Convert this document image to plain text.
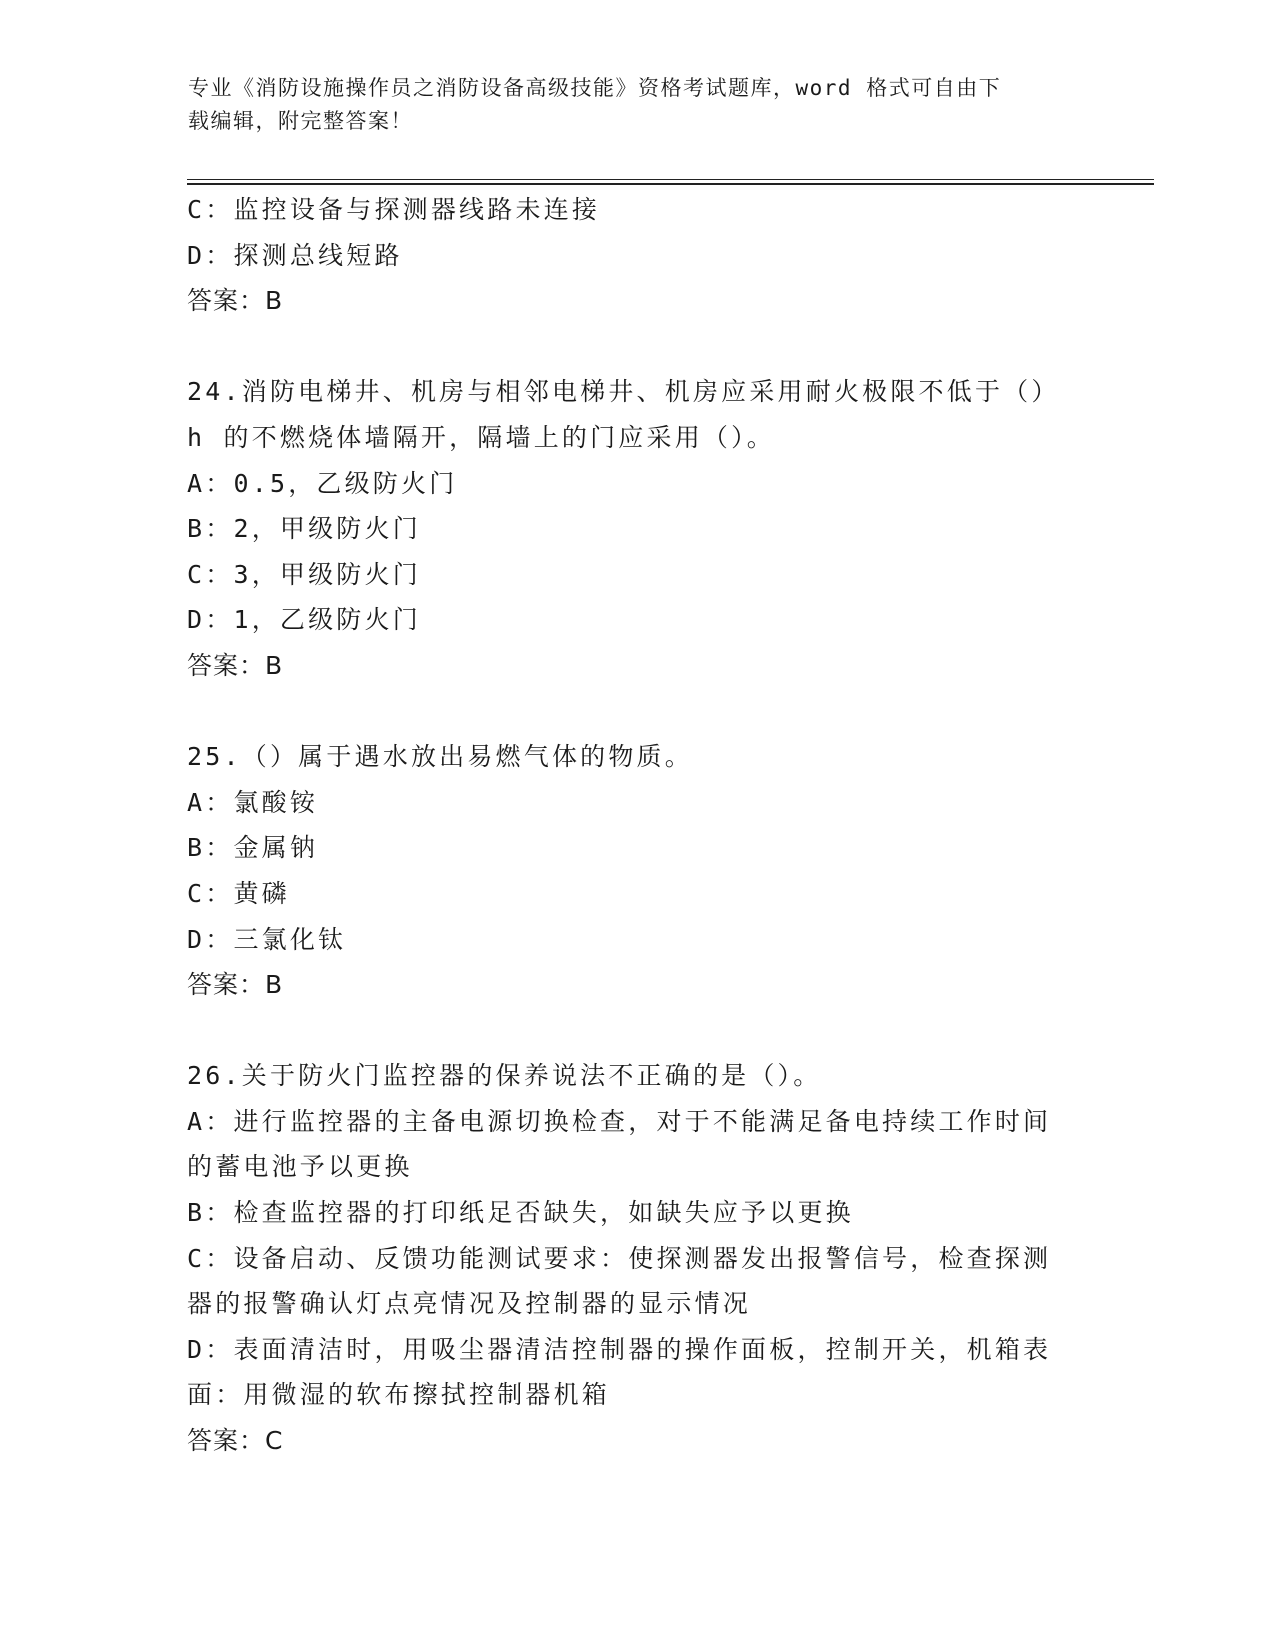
专业《消防设施操作员之消防设备高级技能》资格考试题库，word 格式可自由下
载编辑，附完整答案！
C：监控设备与探测器线路未连接
D：探测总线短路
答案：B
24.消防电梯井、机房与相邻电梯井、机房应采用耐火极限不低于（）
h 的不燃烧体墙隔开，隔墙上的门应采用（）。
A：0.5，乙级防火门
B：2，甲级防火门
C：3，甲级防火门
D：1，乙级防火门
答案：B
25.（）属于遇水放出易燃气体的物质。
A：氯酸铵
B：金属钠
C：黄磷
D：三氯化钛
答案：B
26.关于防火门监控器的保养说法不正确的是（）。
A：进行监控器的主备电源切换检查，对于不能满足备电持续工作时间
的蓄电池予以更换
B：检查监控器的打印纸足否缺失，如缺失应予以更换
C：设备启动、反馈功能测试要求：使探测器发出报警信号，检查探测
器的报警确认灯点亮情况及控制器的显示情况
D：表面清洁时，用吸尘器清洁控制器的操作面板，控制开关，机箱表
面：用微湿的软布擦拭控制器机箱
答案：C
